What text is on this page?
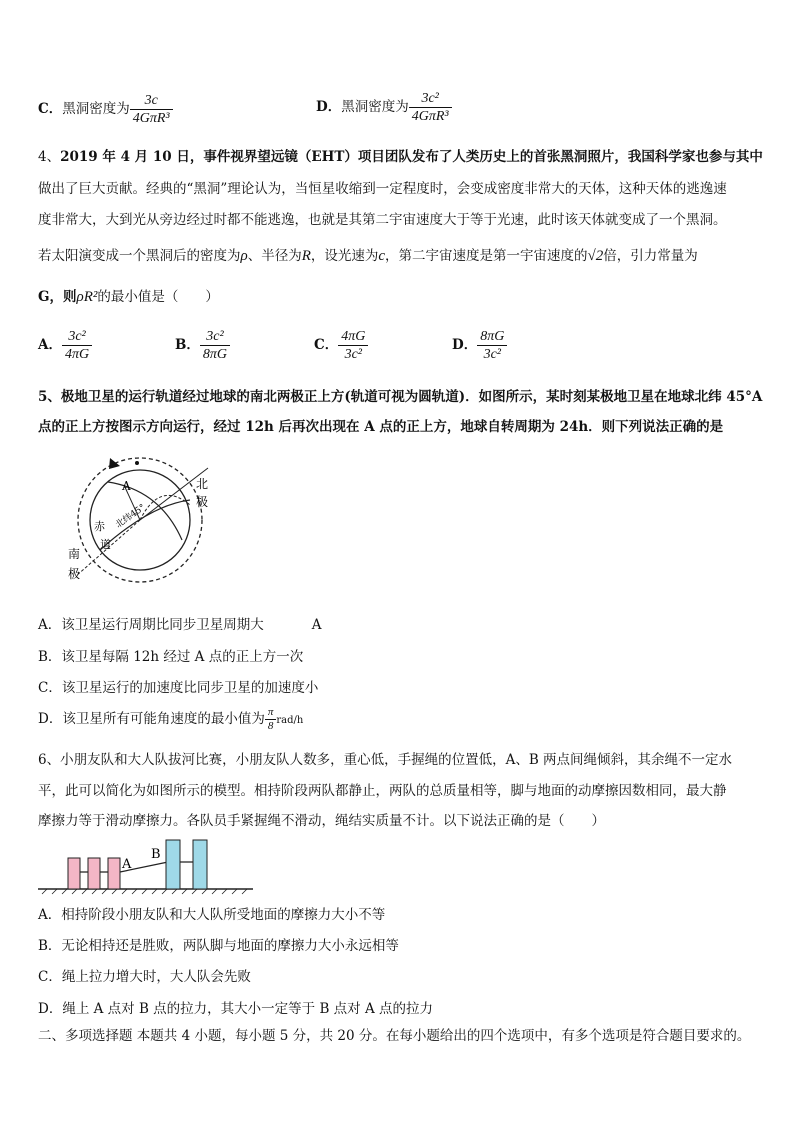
C．黑洞密度为 $\frac{3c}{\text{4GπR³}}$	D．黑洞密度为 $\frac{\text{3c²}}{\text{4GπR³}}$
4、2019 年 4 月 10 日，事件视界望远镜（EHT）项目团队发布了人类历史上的首张黑洞照片，我国科学家也参与其中
做出了巨大贡献。经典的“黑洞”理论认为，当恒星收缩到一定程度时，会变成密度非常大的天体，这种天体的逃逸速
度非常大，大到光从旁边经过时都不能逃逸，也就是其第二宇宙速度大于等于光速，此时该天体就变成了一个黑洞。
若太阳演变成一个黑洞后的密度为ρ、半径为R，设光速为c，第二宇宙速度是第一宇宙速度的√2倍，引力常量为
G，则ρR²的最小值是（　　）
A． $\frac{\text{3c²}}{4\pi G}$	B． $\frac{\text{3c²}}{8\pi G}$	C． $\frac{4\pi G}{\text{3c²}}$	D． $\frac{8\pi G}{\text{3c²}}$
5、极地卫星的运行轨道经过地球的南北两极正上方(轨道可视为圆轨道)．如图所示，某时刻某极地卫星在地球北纬 45°A
点的正上方按图示方向运行，经过 12h 后再次出现在 A 点的正上方，地球自转周期为 24h．则下列说法正确的是
A	北
极
南
极
赤
道
北纬45°
A．该卫星运行周期比同步卫星周期大	A
B．该卫星每隔 12h 经过 A 点的正上方一次
C．该卫星运行的加速度比同步卫星的加速度小
D．该卫星所有可能角速度的最小值为 $\frac{\pi}{8} rad/h$
6、小朋友队和大人队拔河比赛，小朋友队人数多，重心低，手握绳的位置低，A、B 两点间绳倾斜，其余绳不一定水
平，此可以简化为如图所示的模型。相持阶段两队都静止，两队的总质量相等，脚与地面的动摩擦因数相同，最大静
摩擦力等于滑动摩擦力。各队员手紧握绳不滑动，绳结实质量不计。以下说法正确的是（　　）
A
B
A．相持阶段小朋友队和大人队所受地面的摩擦力大小不等
B．无论相持还是胜败，两队脚与地面的摩擦力大小永远相等
C．绳上拉力增大时，大人队会先败
D．绳上 A 点对 B 点的拉力，其大小一定等于 B 点对 A 点的拉力
二、多项选择题 本题共 4 小题，每小题 5 分，共 20 分。在每小题给出的四个选项中，有多个选项是符合题目要求的。
